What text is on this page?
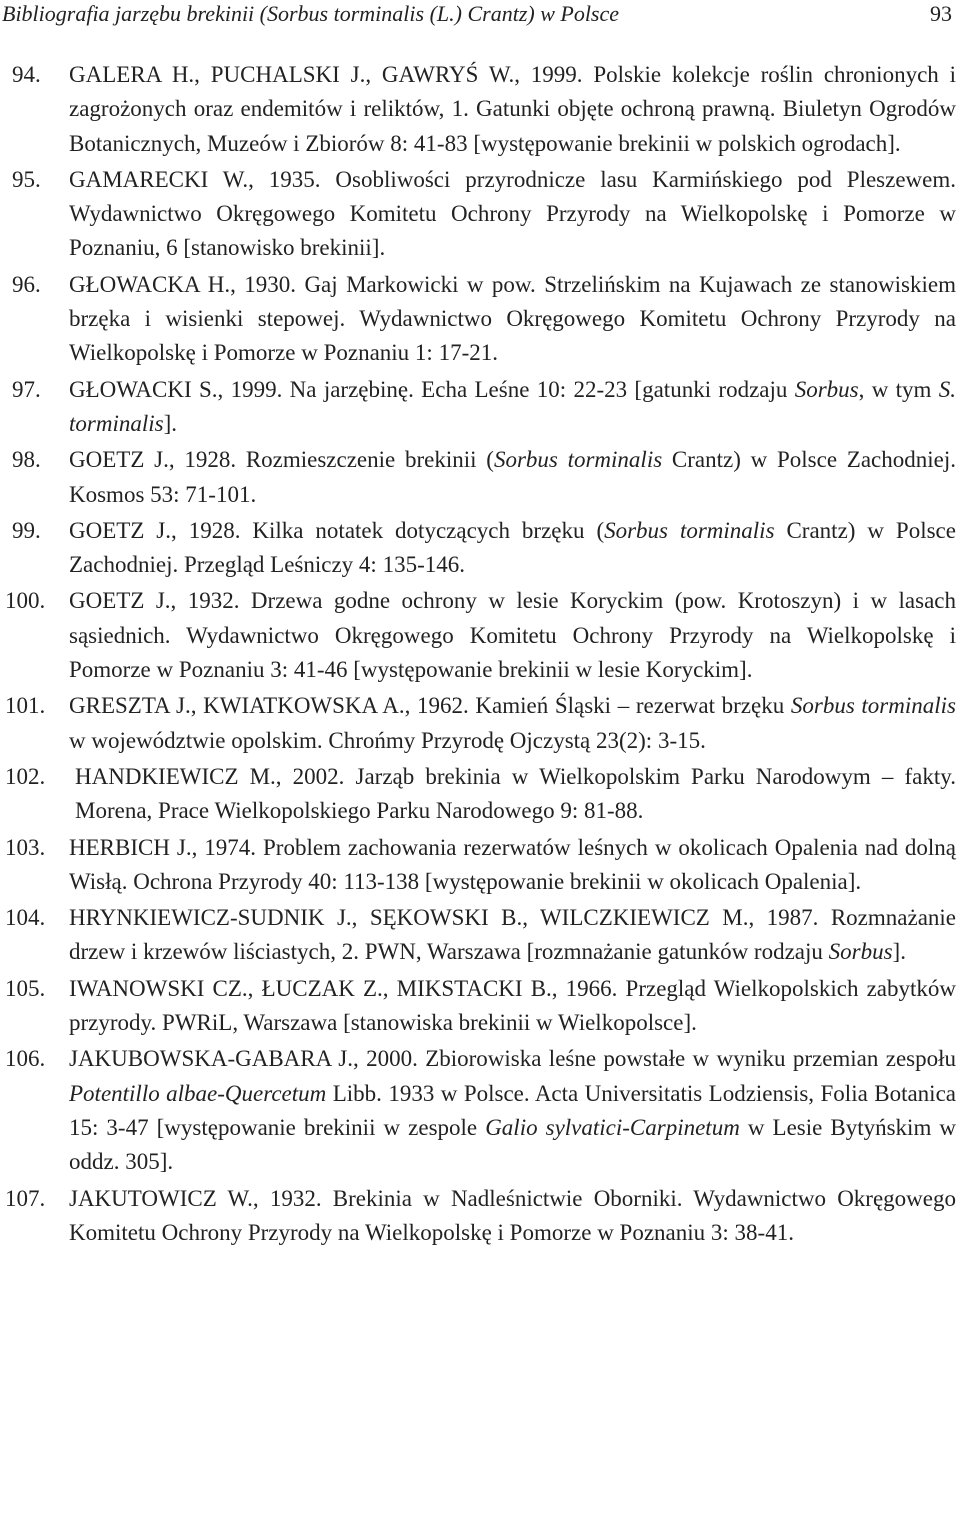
Bibliografia jarzębu brekinii (Sorbus torminalis (L.) Crantz) w Polsce	93
94. GALERA H., PUCHALSKI J., GAWRYŚ W., 1999. Polskie kolekcje roślin chronionych i zagrożonych oraz endemitów i reliktów, 1. Gatunki objęte ochroną prawną. Biuletyn Ogrodów Botanicznych, Muzeów i Zbiorów 8: 41-83 [występowanie brekinii w polskich ogrodach].
95. GAMARECKI W., 1935. Osobliwości przyrodnicze lasu Karmińskiego pod Pleszewem. Wydawnictwo Okręgowego Komitetu Ochrony Przyrody na Wielkopolskę i Pomorze w Poznaniu, 6 [stanowisko brekinii].
96. GŁOWACKA H., 1930. Gaj Markowicki w pow. Strzelińskim na Kujawach ze stanowiskiem brzęka i wisienki stepowej. Wydawnictwo Okręgowego Komitetu Ochrony Przyrody na Wielkopolskę i Pomorze w Poznaniu 1: 17-21.
97. GŁOWACKI S., 1999. Na jarzębinę. Echa Leśne 10: 22-23 [gatunki rodzaju Sorbus, w tym S. torminalis].
98. GOETZ J., 1928. Rozmieszczenie brekinii (Sorbus torminalis Crantz) w Polsce Zachodniej. Kosmos 53: 71-101.
99. GOETZ J., 1928. Kilka notatek dotyczących brzęku (Sorbus torminalis Crantz) w Polsce Zachodniej. Przegląd Leśniczy 4: 135-146.
100. GOETZ J., 1932. Drzewa godne ochrony w lesie Koryckim (pow. Krotoszyn) i w lasach sąsiednich. Wydawnictwo Okręgowego Komitetu Ochrony Przyrody na Wielkopolskę i Pomorze w Poznaniu 3: 41-46 [występowanie brekinii w lesie Koryckim].
101. GRESZTA J., KWIATKOWSKA A., 1962. Kamień Śląski – rezerwat brzęku Sorbus torminalis w województwie opolskim. Chrońmy Przyrodę Ojczystą 23(2): 3-15.
102. HANDKIEWICZ M., 2002. Jarząb brekinia w Wielkopolskim Parku Narodowym – fakty. Morena, Prace Wielkopolskiego Parku Narodowego 9: 81-88.
103. HERBICH J., 1974. Problem zachowania rezerwatów leśnych w okolicach Opalenia nad dolną Wisłą. Ochrona Przyrody 40: 113-138 [występowanie brekinii w okolicach Opalenia].
104. HRYNKIEWICZ-SUDNIK J., SĘKOWSKI B., WILCZKIEWICZ M., 1987. Rozmnażanie drzew i krzewów liściastych, 2. PWN, Warszawa [rozmnażanie gatunków rodzaju Sorbus].
105. IWANOWSKI CZ., ŁUCZAK Z., MIKSTACKI B., 1966. Przegląd Wielkopolskich zabytków przyrody. PWRiL, Warszawa [stanowiska brekinii w Wielkopolsce].
106. JAKUBOWSKA-GABARA J., 2000. Zbiorowiska leśne powstałe w wyniku przemian zespołu Potentillo albae-Quercetum Libb. 1933 w Polsce. Acta Universitatis Lodziensis, Folia Botanica 15: 3-47 [występowanie brekinii w zespole Galio sylvatici-Carpinetum w Lesie Bytyńskim w oddz. 305].
107. JAKUTOWICZ W., 1932. Brekinia w Nadleśnictwie Oborniki. Wydawnictwo Okręgowego Komitetu Ochrony Przyrody na Wielkopolskę i Pomorze w Poznaniu 3: 38-41.
